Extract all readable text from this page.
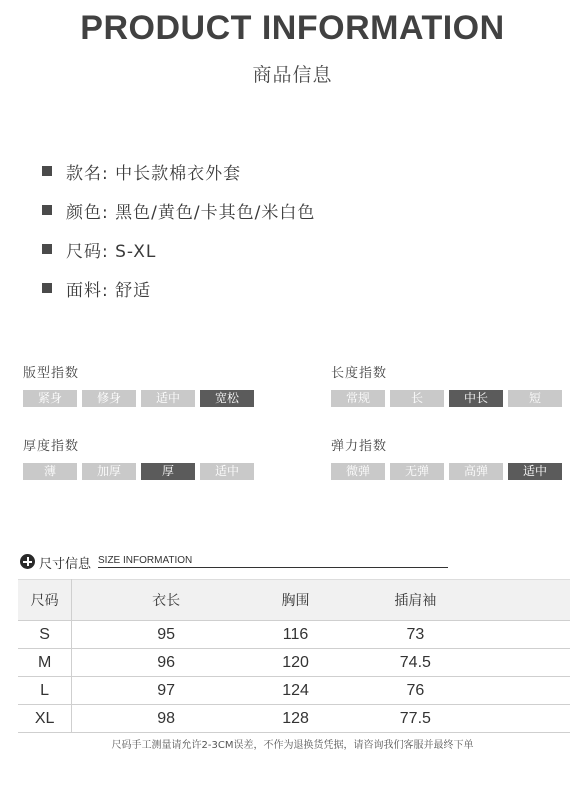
PRODUCT INFORMATION
商品信息
款名: 中长款棉衣外套
颜色: 黑色/黄色/卡其色/米白色
尺码: S-XL
面料: 舒适
版型指数
紧身	修身	适中	宽松
长度指数
常规	长	中长	短
厚度指数
薄	加厚	厚	适中
弹力指数
微弹	无弹	高弹	适中
尺寸信息 SIZE INFORMATION
尺码	衣长	胸围	插肩袖	
S	95	116	73	
M	96	120	74.5	
L	97	124	76	
XL	98	128	77.5	
尺码手工测量请允许2-3CM误差，不作为退换货凭据，请咨询我们客服并最终下单
